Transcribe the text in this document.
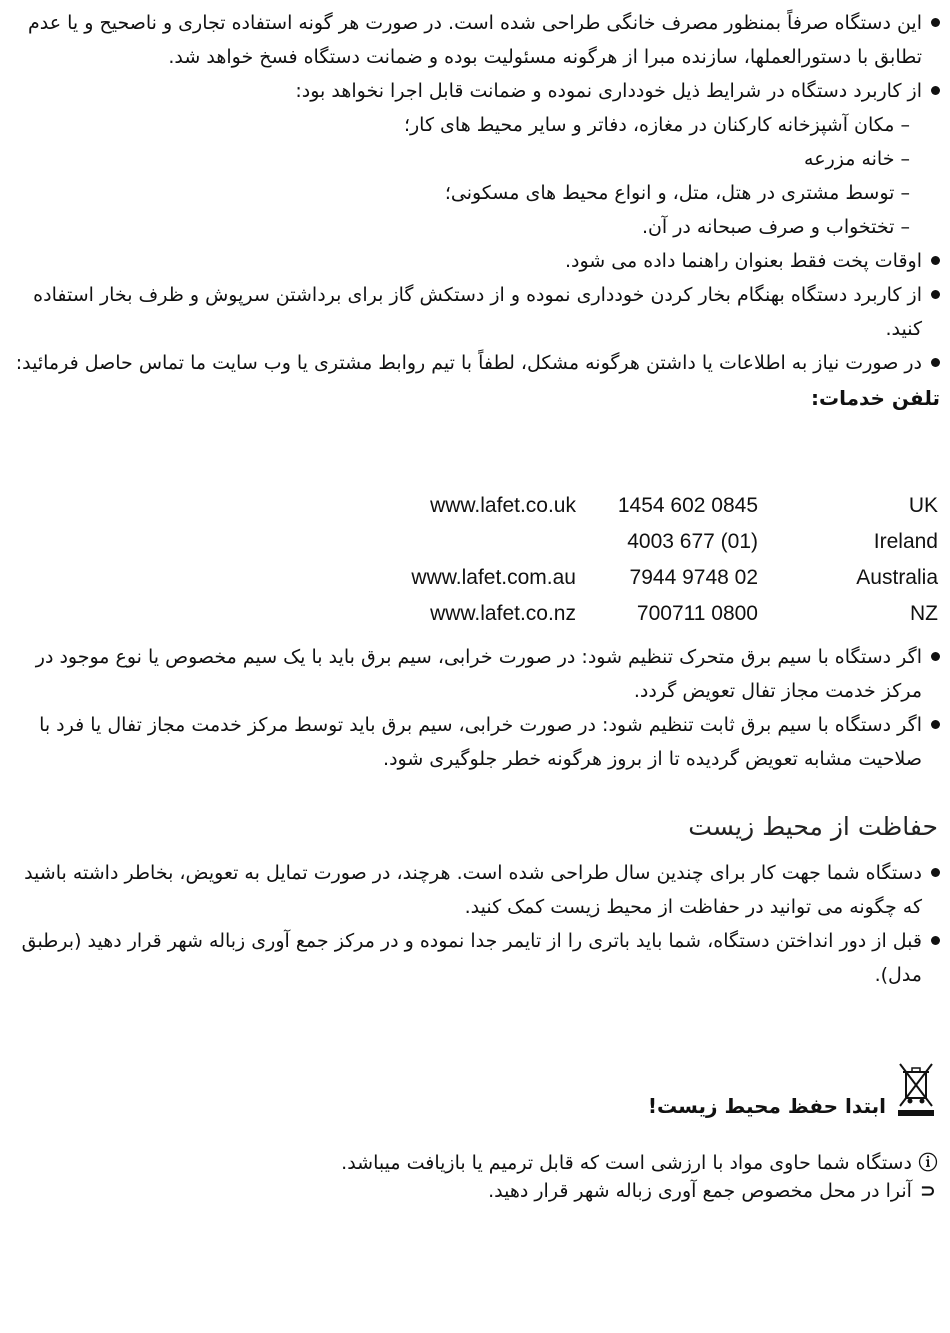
این دستگاه صرفاً بمنظور مصرف خانگی طراحی شده است. در صورت هر گونه استفاده تجاری و ناصحیح و یا عدم تطابق با دستورالعملها، سازنده مبرا از هرگونه مسئولیت بوده و ضمانت دستگاه فسخ خواهد شد.
از کاربرد دستگاه در شرایط ذیل خودداری نموده و ضمانت قابل اجرا نخواهد بود:
– مکان آشپزخانه کارکنان در مغازه، دفاتر و سایر محیط های کار؛
– خانه مزرعه
– توسط مشتری در هتل، متل، و انواع محیط های مسکونی؛
– تختخواب و صرف صبحانه در آن.
اوقات پخت فقط بعنوان راهنما داده می شود.
از کاربرد دستگاه بهنگام بخار کردن خودداری نموده و از دستکش گاز برای برداشتن سرپوش و ظرف بخار استفاده کنید.
در صورت نیاز به اطلاعات یا داشتن هرگونه مشکل، لطفاً با تیم روابط مشتری یا وب سایت ما تماس حاصل فرمائید:
تلفن خدمات:
www.lafet.co.uk 1454 602 0845	UK
4003 677 (01)	Ireland
www.lafet.com.au	7944 9748 02	Australia
www.lafet.co.nz	700711 0800	NZ
اگر دستگاه با سیم برق متحرک تنظیم شود: در صورت خرابی، سیم برق باید با یک سیم مخصوص یا نوع موجود در مرکز خدمت مجاز تفال تعویض گردد.
اگر دستگاه با سیم برق ثابت تنظیم شود: در صورت خرابی، سیم برق باید توسط مرکز خدمت مجاز تفال یا فرد با صلاحیت مشابه تعویض گردیده تا از بروز هرگونه خطر جلوگیری شود.
حفاظت از محیط زیست
دستگاه شما جهت کار برای چندین سال طراحی شده است. هرچند، در صورت تمایل به تعویض، بخاطر داشته باشید که چگونه می توانید در حفاظت از محیط زیست کمک کنید.
قبل از دور انداختن دستگاه، شما باید باتری را از تایمر جدا نموده و در مرکز جمع آوری زباله شهر قرار دهید (برطبق مدل).
ابتدا حفظ محیط زیست!
ⓘ دستگاه شما حاوی مواد با ارزشی است که قابل ترمیم یا بازیافت میباشد.
⊂ آنرا در محل مخصوص جمع آوری زباله شهر قرار دهید.
